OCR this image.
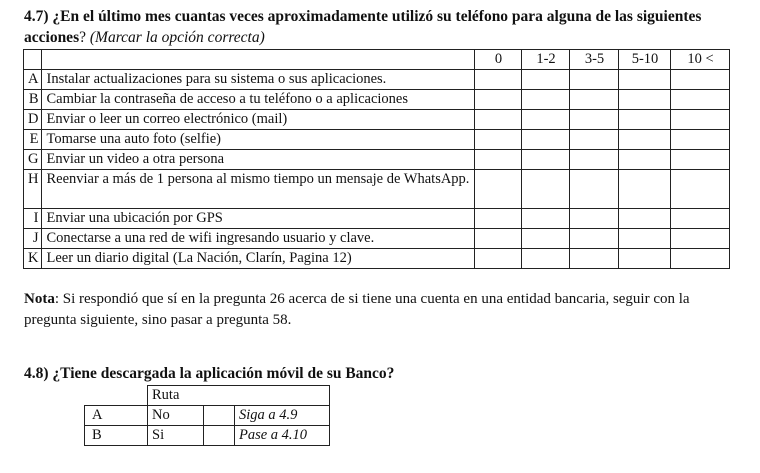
4.7) ¿En el último mes cuantas veces aproximadamente utilizó su teléfono para alguna de las siguientes acciones? (Marcar la opción correcta)
		0	1-2	3-5	5-10	10 <
A	Instalar actualizaciones para su sistema o sus aplicaciones.					
B	Cambiar la contraseña de acceso a tu teléfono o a aplicaciones					
D	Enviar o leer un correo electrónico (mail)					
E	Tomarse una auto foto (selfie)					
G	Enviar un video a otra persona					
H	Reenviar a más de 1 persona al mismo tiempo un mensaje de WhatsApp.					
I	Enviar una ubicación por GPS					
J	Conectarse a una red de wifi ingresando usuario y clave.					
K	Leer un diario digital (La Nación, Clarín, Pagina 12)					
Nota: Si respondió que sí en la pregunta 26 acerca de si tiene una cuenta en una entidad bancaria, seguir con la pregunta siguiente, sino pasar a pregunta 58.
4.8) ¿Tiene descargada la aplicación móvil de su Banco?
	Ruta		
A	No		Siga a 4.9
B	Si		Pase a 4.10
